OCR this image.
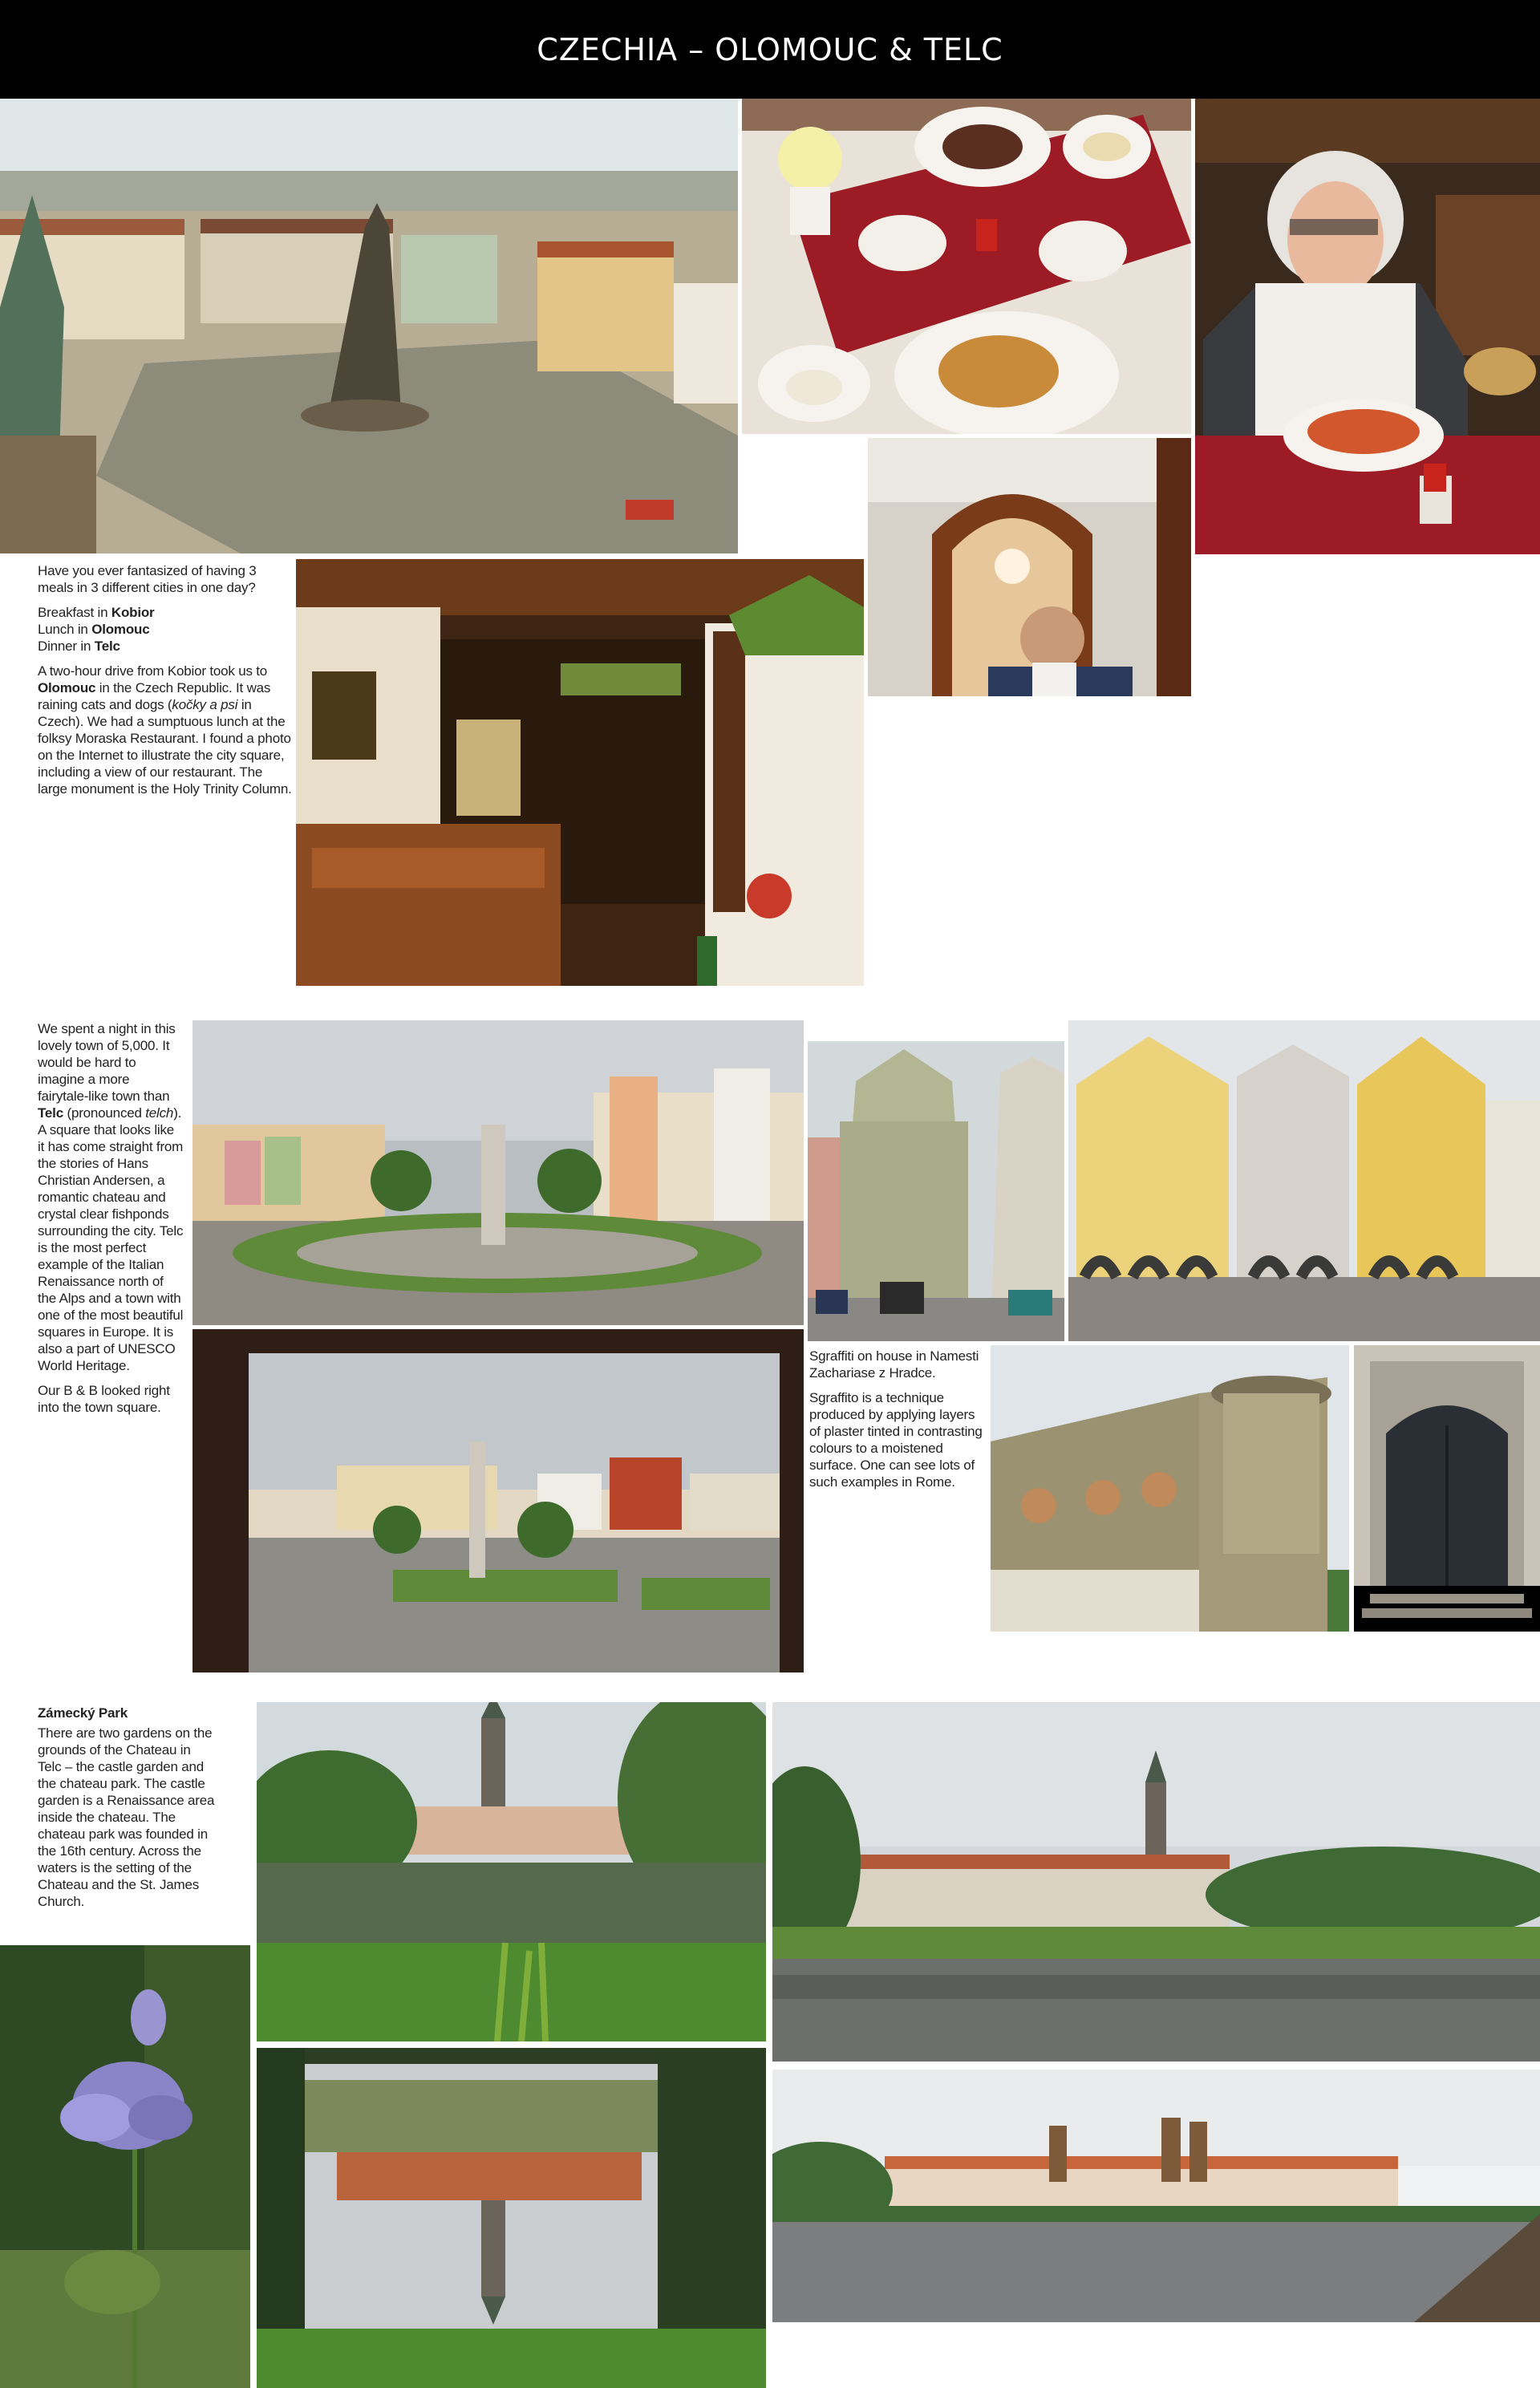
CZECHIA – OLOMOUC & TELC

Have you ever fantasized of having 3 meals in 3 different cities in one day?

Breakfast in Kobior
Lunch in Olomouc
Dinner in Telc

A two-hour drive from Kobior took us to Olomouc in the Czech Republic. It was raining cats and dogs (kočky a psi in Czech). We had a sumptuous lunch at the folksy Moraska Restaurant. I found a photo on the Internet to illustrate the city square, including a view of our restaurant. The large monument is the Holy Trinity Column.

We spent a night in this lovely town of 5,000. It would be hard to imagine a more fairytale-like town than Telc (pronounced telch). A square that looks like it has come straight from the stories of Hans Christian Andersen, a romantic chateau and crystal clear fishponds surrounding the city. Telc is the most perfect example of the Italian Renaissance north of the Alps and a town with one of the most beautiful squares in Europe. It is also a part of UNESCO World Heritage.

Our B & B looked right into the town square.

Sgraffiti on house in Namesti Zachariase z Hradce.

Sgraffito is a technique produced by applying layers of plaster tinted in contrasting colours to a moistened surface. One can see lots of such examples in Rome.

Zámecký Park

There are two gardens on the grounds of the Chateau in Telc – the castle garden and the chateau park. The castle garden is a Renaissance area inside the chateau. The chateau park was founded in the 16th century. Across the waters is the setting of the Chateau and the St. James Church.
